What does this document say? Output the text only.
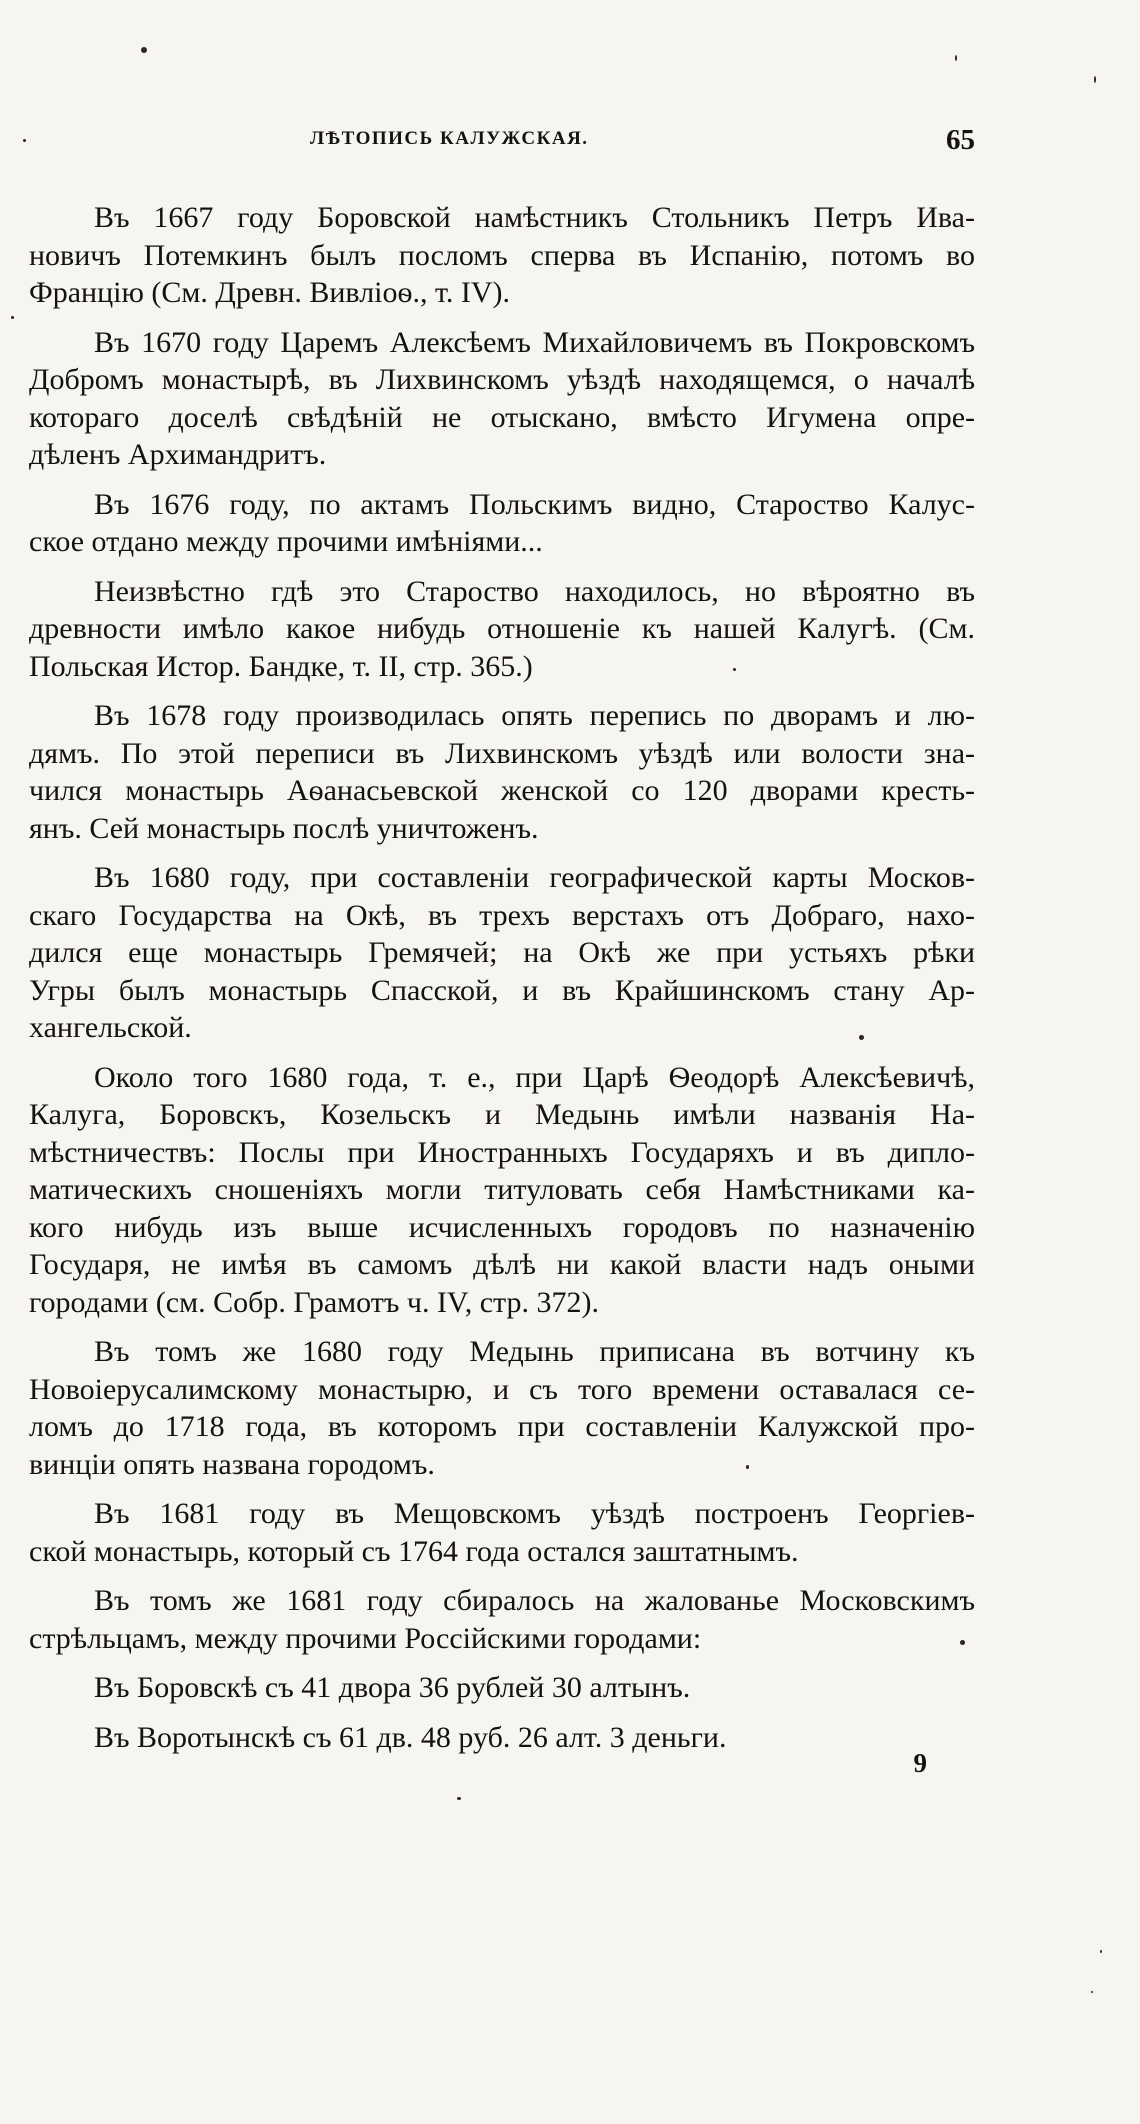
ЛѢТОПИСЬ КАЛУЖСКАЯ.	65
Въ 1667 году Боровской намѣстникъ Стольникъ Петръ Ива-
новичъ Потемкинъ былъ посломъ сперва въ Испанію, потомъ во
Францію (См. Древн. Вивліоѳ., т. IV).
Въ 1670 году Царемъ Алексѣемъ Михайловичемъ въ Покровскомъ
Добромъ монастырѣ, въ Лихвинскомъ уѣздѣ находящемся, о началѣ
котораго доселѣ свѣдѣній не отыскано, вмѣсто Игумена опре-
дѣленъ Архимандритъ.
Въ 1676 году, по актамъ Польскимъ видно, Староство Калус-
ское отдано между прочими имѣніями...
Неизвѣстно гдѣ это Староство находилось, но вѣроятно въ
древности имѣло какое нибудь отношеніе къ нашей Калугѣ. (См.
Польская Истор. Бандке, т. II, стр. 365.)
Въ 1678 году производилась опять перепись по дворамъ и лю-
дямъ. По этой переписи въ Лихвинскомъ уѣздѣ или волости зна-
чился монастырь Аѳанасьевской женской со 120 дворами кресть-
янъ. Сей монастырь послѣ уничтоженъ.
Въ 1680 году, при составленіи географической карты Москов-
скаго Государства на Окѣ, въ трехъ верстахъ отъ Добраго, нахо-
дился еще монастырь Гремячей; на Окѣ же при устьяхъ рѣки
Угры былъ монастырь Спасской, и въ Крайшинскомъ стану Ар-
хангельской.
Около того 1680 года, т. е., при Царѣ Ѳеодорѣ Алексѣевичѣ,
Калуга, Боровскъ, Козельскъ и Медынь имѣли названія На-
мѣстничествъ: Послы при Иностранныхъ Государяхъ и въ дипло-
матическихъ сношеніяхъ могли титуловать себя Намѣстниками ка-
кого нибудь изъ выше исчисленныхъ городовъ по назначенію
Государя, не имѣя въ самомъ дѣлѣ ни какой власти надъ оными
городами (см. Собр. Грамотъ ч. IV, стр. 372).
Въ томъ же 1680 году Медынь приписана въ вотчину къ
Новоіерусалимскому монастырю, и съ того времени оставалася се-
ломъ до 1718 года, въ которомъ при составленіи Калужской про-
винціи опять названа городомъ.
Въ 1681 году въ Мещовскомъ уѣздѣ построенъ Георгіев-
ской монастырь, который съ 1764 года остался заштатнымъ.
Въ томъ же 1681 году сбиралось на жалованье Московскимъ
стрѣльцамъ, между прочими Россійскими городами:
Въ Боровскѣ съ 41 двора 36 рублей 30 алтынъ.
Въ Воротынскѣ съ 61 дв. 48 руб. 26 алт. 3 деньги.
9
